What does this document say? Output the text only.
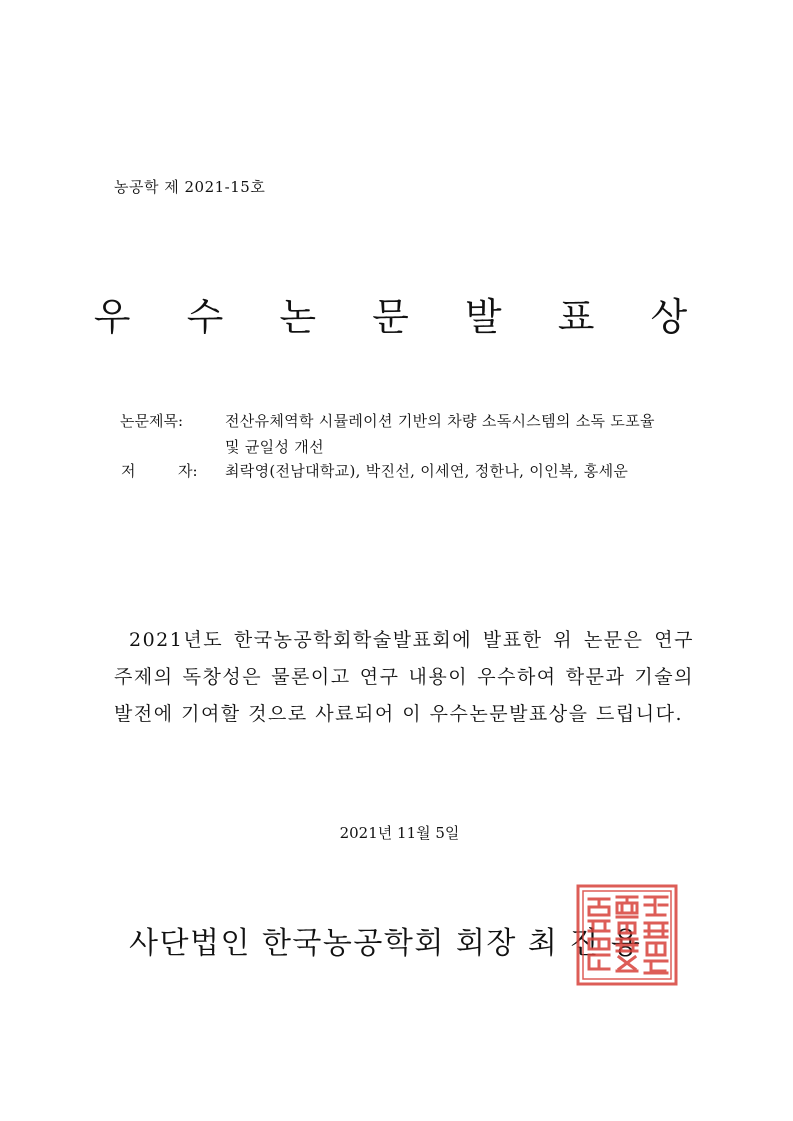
농공학 제 2021-15호
우 수 논 문 발 표 상
논문제목:	전산유체역학 시뮬레이션 기반의 차량 소독시스템의 소독 도포율
및 균일성 개선
저	자: 최락영(전남대학교), 박진선, 이세연, 정한나, 이인복, 홍세운
2021년도 한국농공학회학술발표회에 발표한 위 논문은 연구주제의 독창성은 물론이고 연구 내용이 우수하여 학문과 기술의 발전에 기여할 것으로 사료되어 이 우수논문발표상을 드립니다.
2021년 11월 5일
사단법인 한국농공학회 회장 최 진 용
